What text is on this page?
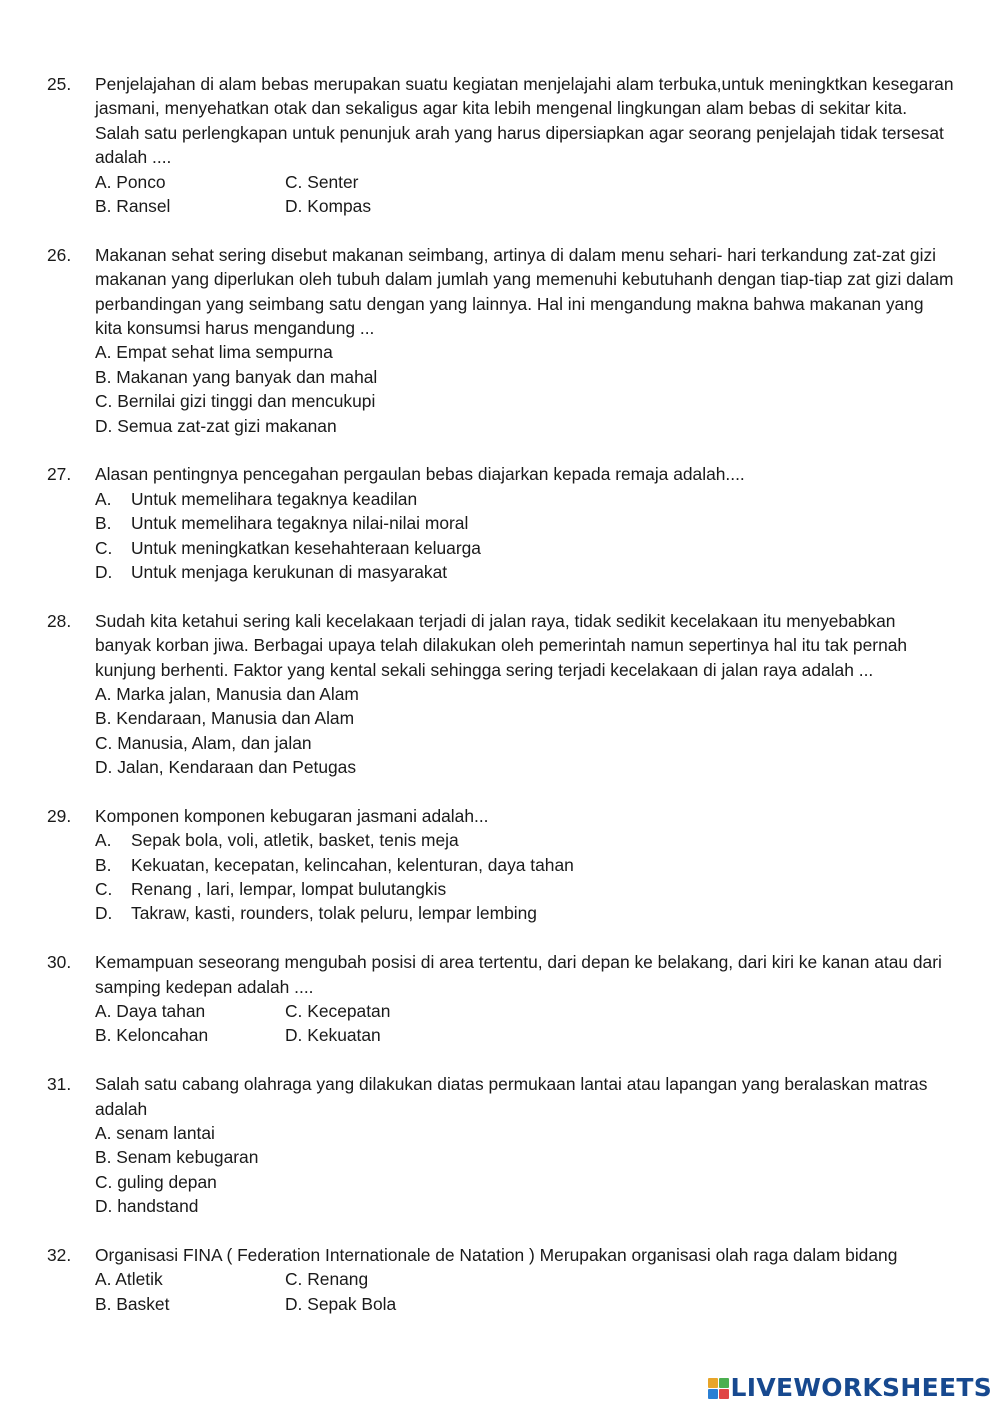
25. Penjelajahan di alam bebas merupakan suatu kegiatan menjelajahi alam terbuka,untuk meningktkan kesegaran jasmani, menyehatkan otak dan sekaligus agar kita lebih mengenal lingkungan alam bebas di sekitar kita. Salah satu perlengkapan untuk penunjuk arah yang harus dipersiapkan agar seorang penjelajah tidak tersesat adalah ....
A. Ponco	C. Senter
B. Ransel	D. Kompas
26. Makanan sehat sering disebut makanan seimbang, artinya di dalam menu sehari- hari terkandung zat-zat gizi makanan yang diperlukan oleh tubuh dalam jumlah yang memenuhi kebutuhanh dengan tiap-tiap zat gizi dalam perbandingan yang seimbang satu dengan yang lainnya. Hal ini mengandung makna bahwa makanan yang kita konsumsi harus mengandung ...
A. Empat sehat lima sempurna
B. Makanan yang banyak dan mahal
C. Bernilai gizi tinggi dan mencukupi
D. Semua zat-zat gizi makanan
27. Alasan pentingnya pencegahan pergaulan bebas diajarkan kepada remaja adalah....
A. Untuk memelihara tegaknya keadilan
B. Untuk memelihara tegaknya nilai-nilai moral
C. Untuk meningkatkan kesehahteraan keluarga
D. Untuk menjaga kerukunan di masyarakat
28. Sudah kita ketahui sering kali kecelakaan terjadi di jalan raya, tidak sedikit kecelakaan itu menyebabkan banyak korban jiwa. Berbagai upaya telah dilakukan oleh pemerintah namun sepertinya hal itu tak pernah kunjung berhenti. Faktor yang kental sekali sehingga sering terjadi kecelakaan di jalan raya adalah ...
A. Marka jalan, Manusia dan Alam
B. Kendaraan, Manusia dan Alam
C. Manusia, Alam, dan jalan
D. Jalan, Kendaraan dan Petugas
29. Komponen komponen kebugaran jasmani adalah...
A. Sepak bola, voli, atletik, basket, tenis meja
B. Kekuatan, kecepatan, kelincahan, kelenturan, daya tahan
C. Renang , lari, lempar, lompat bulutangkis
D. Takraw, kasti, rounders, tolak peluru, lempar lembing
30. Kemampuan seseorang mengubah posisi di area tertentu, dari depan ke belakang, dari kiri ke kanan atau dari samping kedepan adalah ....
A. Daya tahan	C. Kecepatan
B. Keloncahan	D. Kekuatan
31. Salah satu cabang olahraga yang dilakukan diatas permukaan lantai atau lapangan yang beralaskan matras adalah
A. senam lantai
B. Senam kebugaran
C. guling depan
D. handstand
32. Organisasi FINA ( Federation Internationale de Natation ) Merupakan organisasi olah raga dalam bidang
A. Atletik	C. Renang
B. Basket	D. Sepak Bola
LIVEWORKSHEETS
